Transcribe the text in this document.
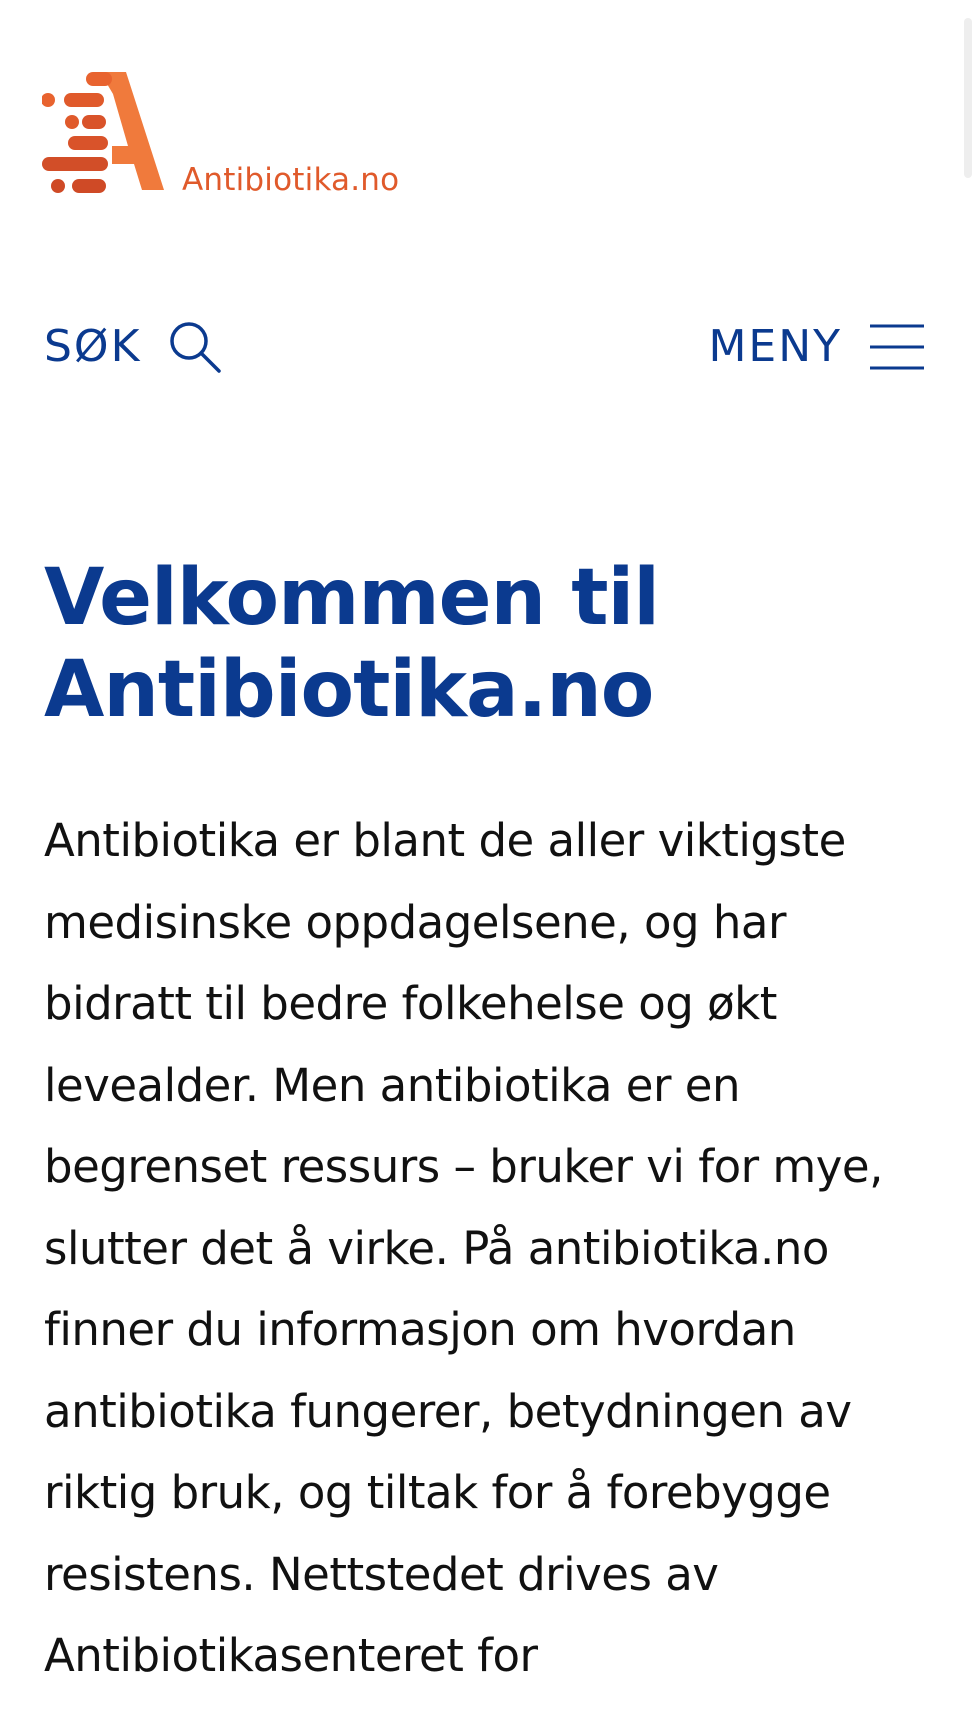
Antibiotika.no
SØK	MENY
Velkommen til Antibiotika.no

Antibiotika er blant de aller viktigste medisinske oppdagelsene, og har bidratt til bedre folkehelse og økt levealder. Men antibiotika er en begrenset ressurs – bruker vi for mye, slutter det å virke. På antibiotika.no finner du informasjon om hvordan antibiotika fungerer, betydningen av riktig bruk, og tiltak for å forebygge resistens. Nettstedet drives av Antibiotikasenteret for
